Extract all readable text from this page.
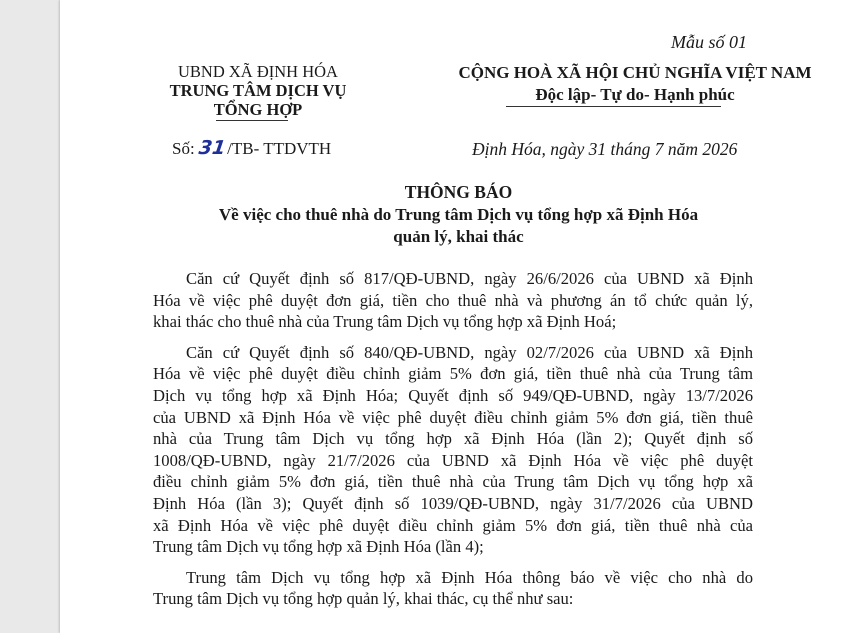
Mẫu số 01
UBND XÃ ĐỊNH HÓA
TRUNG TÂM DỊCH VỤ
TỔNG HỢP
CỘNG HOÀ XÃ HỘI CHỦ NGHĨA VIỆT NAM
Độc lập- Tự do- Hạnh phúc
Số: 31/TB- TTDVTH	Định Hóa, ngày 31 tháng 7 năm 2026
THÔNG BÁO
Về việc cho thuê nhà do Trung tâm Dịch vụ tổng hợp xã Định Hóa
quản lý, khai thác
Căn cứ Quyết định số 817/QĐ-UBND, ngày 26/6/2026 của UBND xã Định
Hóa về việc phê duyệt đơn giá, tiền cho thuê nhà và phương án tổ chức quản lý,
khai thác cho thuê nhà của Trung tâm Dịch vụ tổng hợp xã Định Hoá;
Căn cứ Quyết định số 840/QĐ-UBND, ngày 02/7/2026 của UBND xã Định
Hóa về việc phê duyệt điều chỉnh giảm 5% đơn giá, tiền thuê nhà của Trung tâm
Dịch vụ tổng hợp xã Định Hóa; Quyết định số 949/QĐ-UBND, ngày 13/7/2026
của UBND xã Định Hóa về việc phê duyệt điều chỉnh giảm 5% đơn giá, tiền thuê
nhà của Trung tâm Dịch vụ tổng hợp xã Định Hóa (lần 2); Quyết định số
1008/QĐ-UBND, ngày 21/7/2026 của UBND xã Định Hóa về việc phê duyệt
điều chỉnh giảm 5% đơn giá, tiền thuê nhà của Trung tâm Dịch vụ tổng hợp xã
Định Hóa (lần 3); Quyết định số 1039/QĐ-UBND, ngày 31/7/2026 của UBND
xã Định Hóa về việc phê duyệt điều chỉnh giảm 5% đơn giá, tiền thuê nhà của
Trung tâm Dịch vụ tổng hợp xã Định Hóa (lần 4);
Trung tâm Dịch vụ tổng hợp xã Định Hóa thông báo về việc cho nhà do
Trung tâm Dịch vụ tổng hợp quản lý, khai thác, cụ thể như sau:
